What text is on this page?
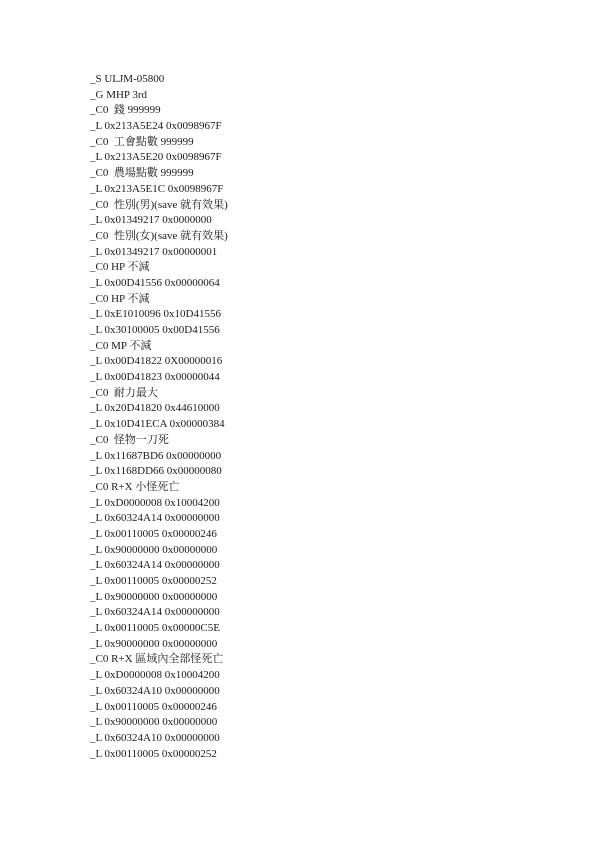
_S ULJM-05800
_G MHP 3rd
_C0  錢 999999
_L 0x213A5E24 0x0098967F
_C0  工會點數 999999
_L 0x213A5E20 0x0098967F
_C0  農場點數 999999
_L 0x213A5E1C 0x0098967F
_C0  性別(男)(save 就有效果)
_L 0x01349217 0x0000000
_C0  性別(女)(save 就有效果)
_L 0x01349217 0x00000001
_C0 HP 不減
_L 0x00D41556 0x00000064
_C0 HP 不減
_L 0xE1010096 0x10D41556
_L 0x30100005 0x00D41556
_C0 MP 不減
_L 0x00D41822 0X00000016
_L 0x00D41823 0x00000044
_C0  耐力最大
_L 0x20D41820 0x44610000
_L 0x10D41ECA 0x00000384
_C0  怪物一刀死
_L 0x11687BD6 0x00000000
_L 0x1168DD66 0x00000080
_C0 R+X 小怪死亡
_L 0xD0000008 0x10004200
_L 0x60324A14 0x00000000
_L 0x00110005 0x00000246
_L 0x90000000 0x00000000
_L 0x60324A14 0x00000000
_L 0x00110005 0x00000252
_L 0x90000000 0x00000000
_L 0x60324A14 0x00000000
_L 0x00110005 0x00000C5E
_L 0x90000000 0x00000000
_C0 R+X 區域內全部怪死亡
_L 0xD0000008 0x10004200
_L 0x60324A10 0x00000000
_L 0x00110005 0x00000246
_L 0x90000000 0x00000000
_L 0x60324A10 0x00000000
_L 0x00110005 0x00000252
